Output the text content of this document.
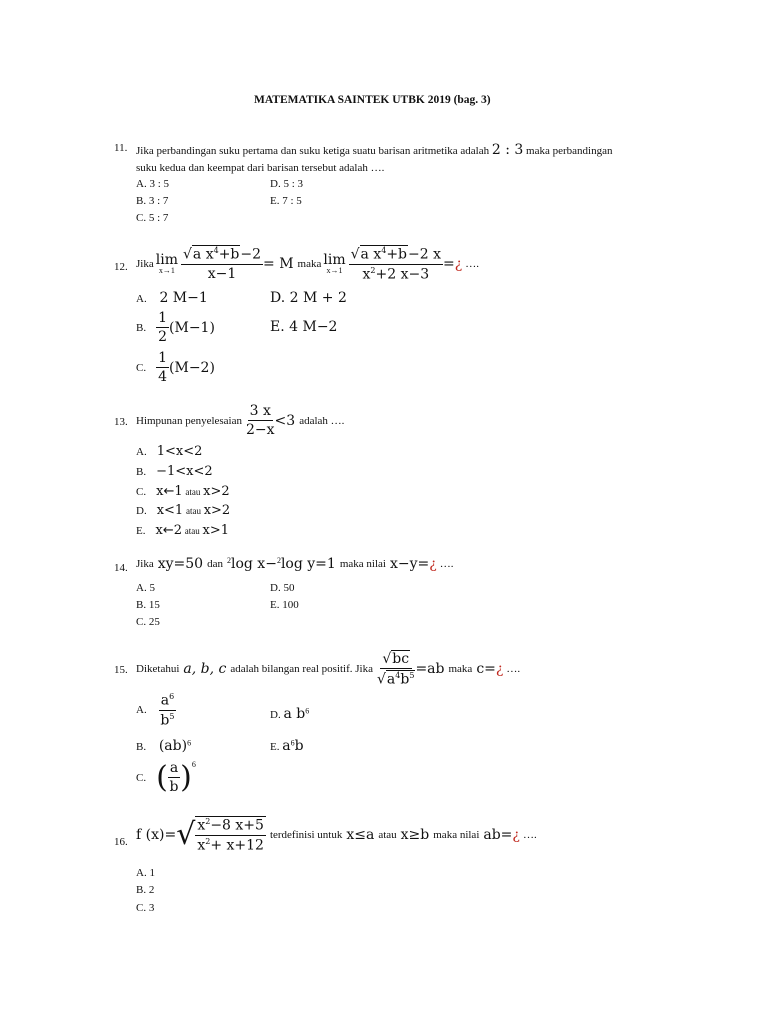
MATEMATIKA SAINTEK UTBK 2019 (bag. 3)
11. Jika perbandingan suku pertama dan suku ketiga suatu barisan aritmetika adalah 2 : 3 maka perbandingan
suku kedua dan keempat dari barisan tersebut adalah ….
A. 3 : 5
B. 3 : 7
C. 5 : 7
D. 5 : 3
E. 7 : 5
12. Jika lim
$x\to 1 \frac{√a x^4+b-2}{x-1} = M$ maka lim
$x\to 1 \frac{√a x^4+b-2 x}{x^2+2 x-3}$ = ¿ ….
A. 2 M−1
B. $\frac{1}{2} (M-1)$
C. $\frac{1}{4} (M-2)$
D. 2 M + 2
E. 4 M−2
13. Himpunan penyelesaian $\frac{3 x}{2-x} <3$ adalah ….
A. 1<x<2
B. −1<x<2
C. x←1 atau x>2
D. x<1 atau x>2
E. x←2 atau x>1
14. Jika xy=50 dan $^2$ log x−$^2$ log y=1 maka nilai x−y= ¿ ….
A. 5
B. 15
C. 25
D. 50
E. 100
15. Diketahui a, b, c adalah bilangan real positif. Jika $\frac{√bc}{√a^4b^5} =ab$ maka c= ¿ ….
A. $\frac{a^6}{b^5}$
B. (ab)$^6$
C. ( $\frac{a}{b} )^6$
D. a $b^6$
E. $a^6b$
16. f (x)= √ $\frac{x^2-8 x+5}{x^2+ x+12}$ terdefinisi untuk x≤a atau x≥b maka nilai ab= ¿ ….
A. 1
B. 2
C. 3
